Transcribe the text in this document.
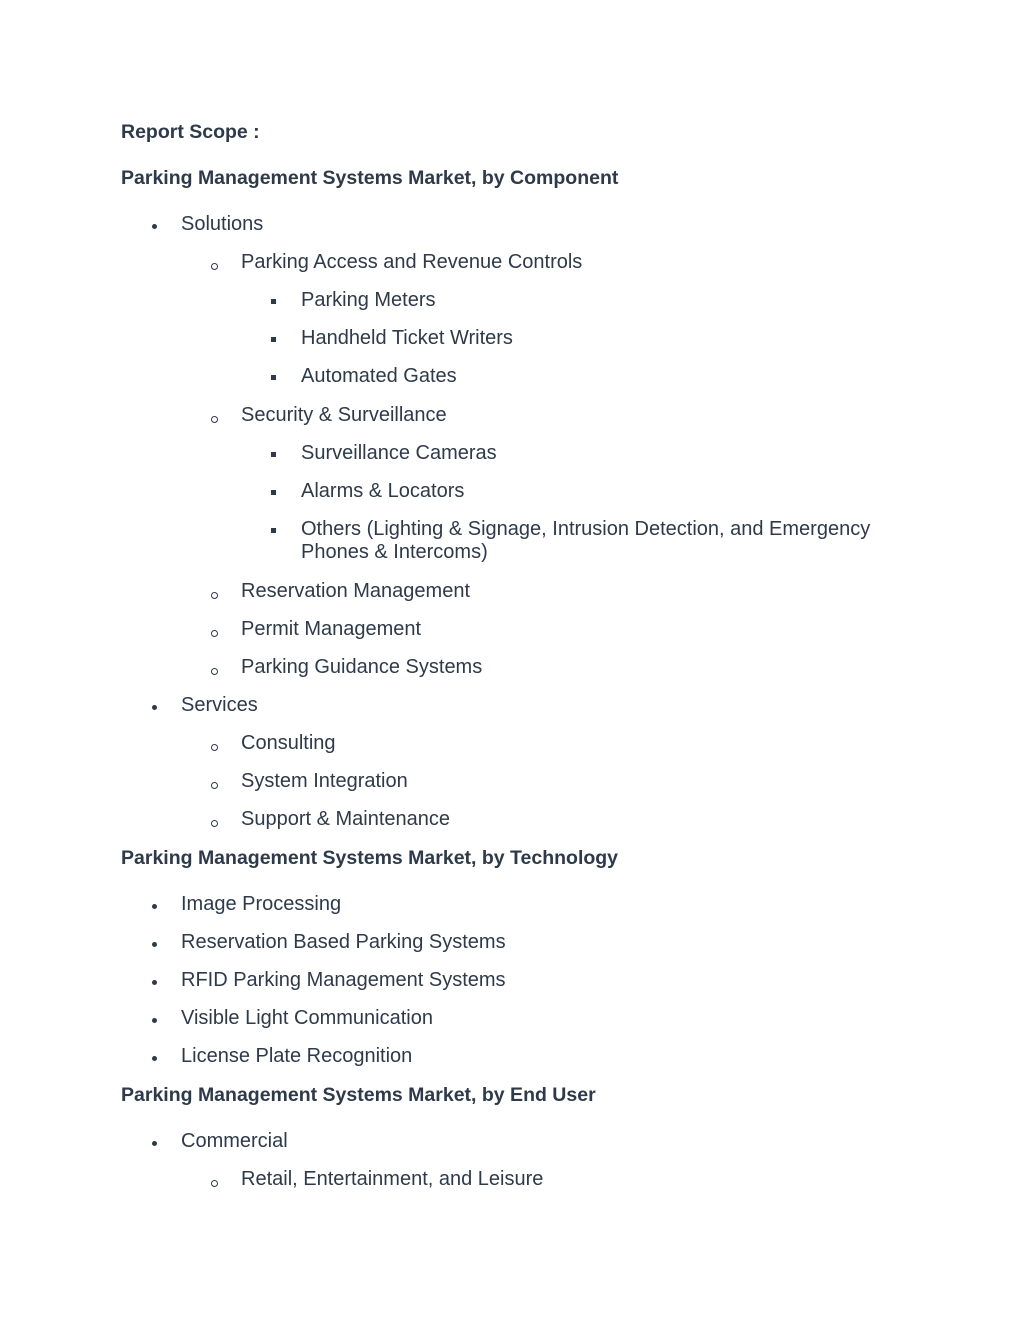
Report Scope :
Parking Management Systems Market, by Component
Solutions
Parking Access and Revenue Controls
Parking Meters
Handheld Ticket Writers
Automated Gates
Security & Surveillance
Surveillance Cameras
Alarms & Locators
Others (Lighting & Signage, Intrusion Detection, and Emergency
Phones & Intercoms)
Reservation Management
Permit Management
Parking Guidance Systems
Services
Consulting
System Integration
Support & Maintenance
Parking Management Systems Market, by Technology
Image Processing
Reservation Based Parking Systems
RFID Parking Management Systems
Visible Light Communication
License Plate Recognition
Parking Management Systems Market, by End User
Commercial
Retail, Entertainment, and Leisure
